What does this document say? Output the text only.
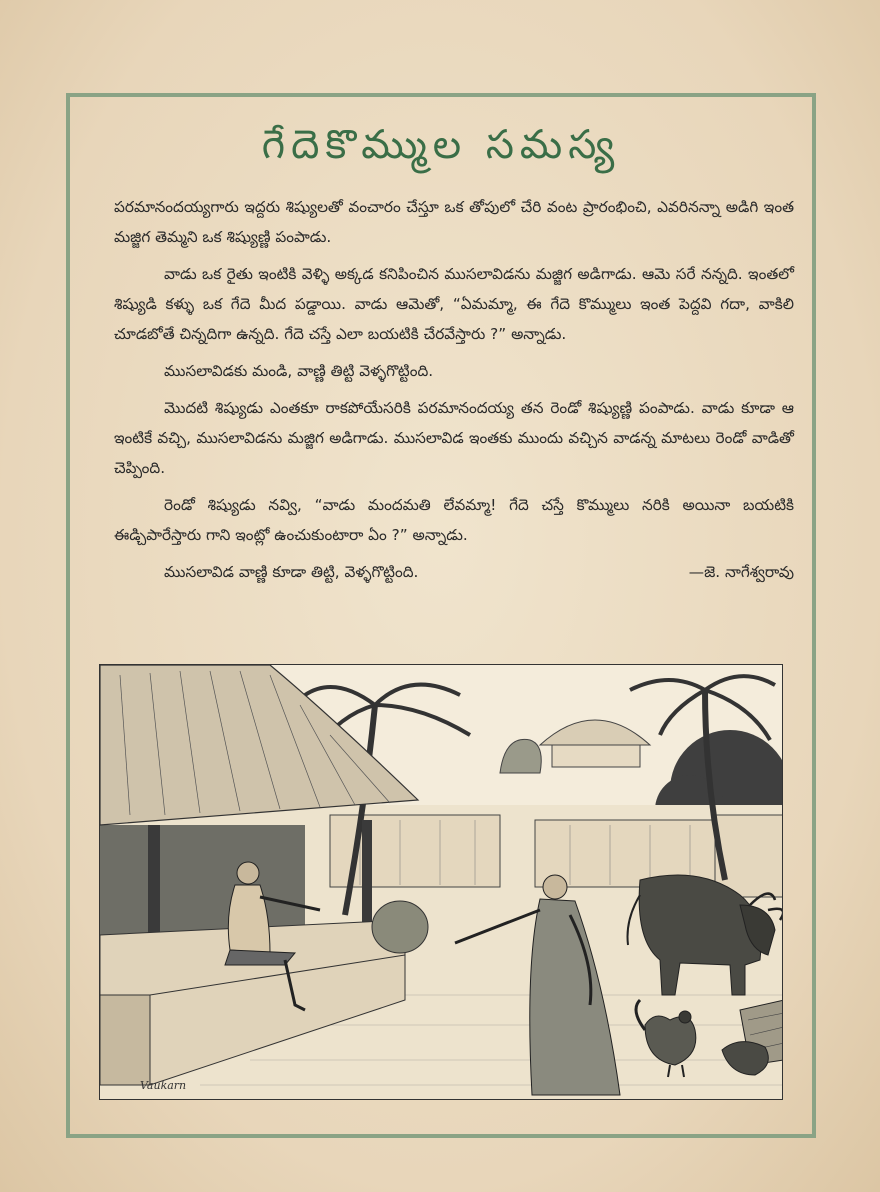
గేదెకొమ్ముల సమస్య

పరమానందయ్యగారు ఇద్దరు శిష్యులతో వంచారం చేస్తూ ఒక తోపులో చేరి వంట ప్రారంభించి, ఎవరినన్నా అడిగి ఇంత మజ్జిగ తెమ్మని ఒక శిష్యుణ్ణి పంపాడు.

వాడు ఒక రైతు ఇంటికి వెళ్ళి అక్కడ కనిపించిన ముసలావిడను మజ్జిగ అడిగాడు. ఆమె సరే నన్నది. ఇంతలో శిష్యుడి కళ్ళు ఒక గేదె మీద పడ్డాయి. వాడు ఆమెతో, “ఏమమ్మా, ఈ గేదె కొమ్ములు ఇంత పెద్దవి గదా, వాకిలి చూడబోతే చిన్నదిగా ఉన్నది. గేదె చస్తే ఎలా బయటికి చేరవేస్తారు ?” అన్నాడు.

ముసలావిడకు మండి, వాణ్ణి తిట్టి వెళ్ళగొట్టింది.

మొదటి శిష్యుడు ఎంతకూ రాకపోయేసరికి పరమానందయ్య తన రెండో శిష్యుణ్ణి పంపాడు. వాడు కూడా ఆ ఇంటికే వచ్చి, ముసలావిడను మజ్జిగ అడిగాడు. ముసలావిడ ఇంతకు ముందు వచ్చిన వాడన్న మాటలు రెండో వాడితో చెప్పింది.

రెండో శిష్యుడు నవ్వి, “వాడు మందమతి లేవమ్మా! గేదె చస్తే కొమ్ములు నరికి అయినా బయటికి ఈడ్చిపారేస్తారు గాని ఇంట్లో ఉంచుకుంటారా ఏం ?” అన్నాడు.

ముసలావిడ వాణ్ణి కూడా తిట్టి, వెళ్ళగొట్టింది.	—జె. నాగేశ్వరావు
Vaukarn
